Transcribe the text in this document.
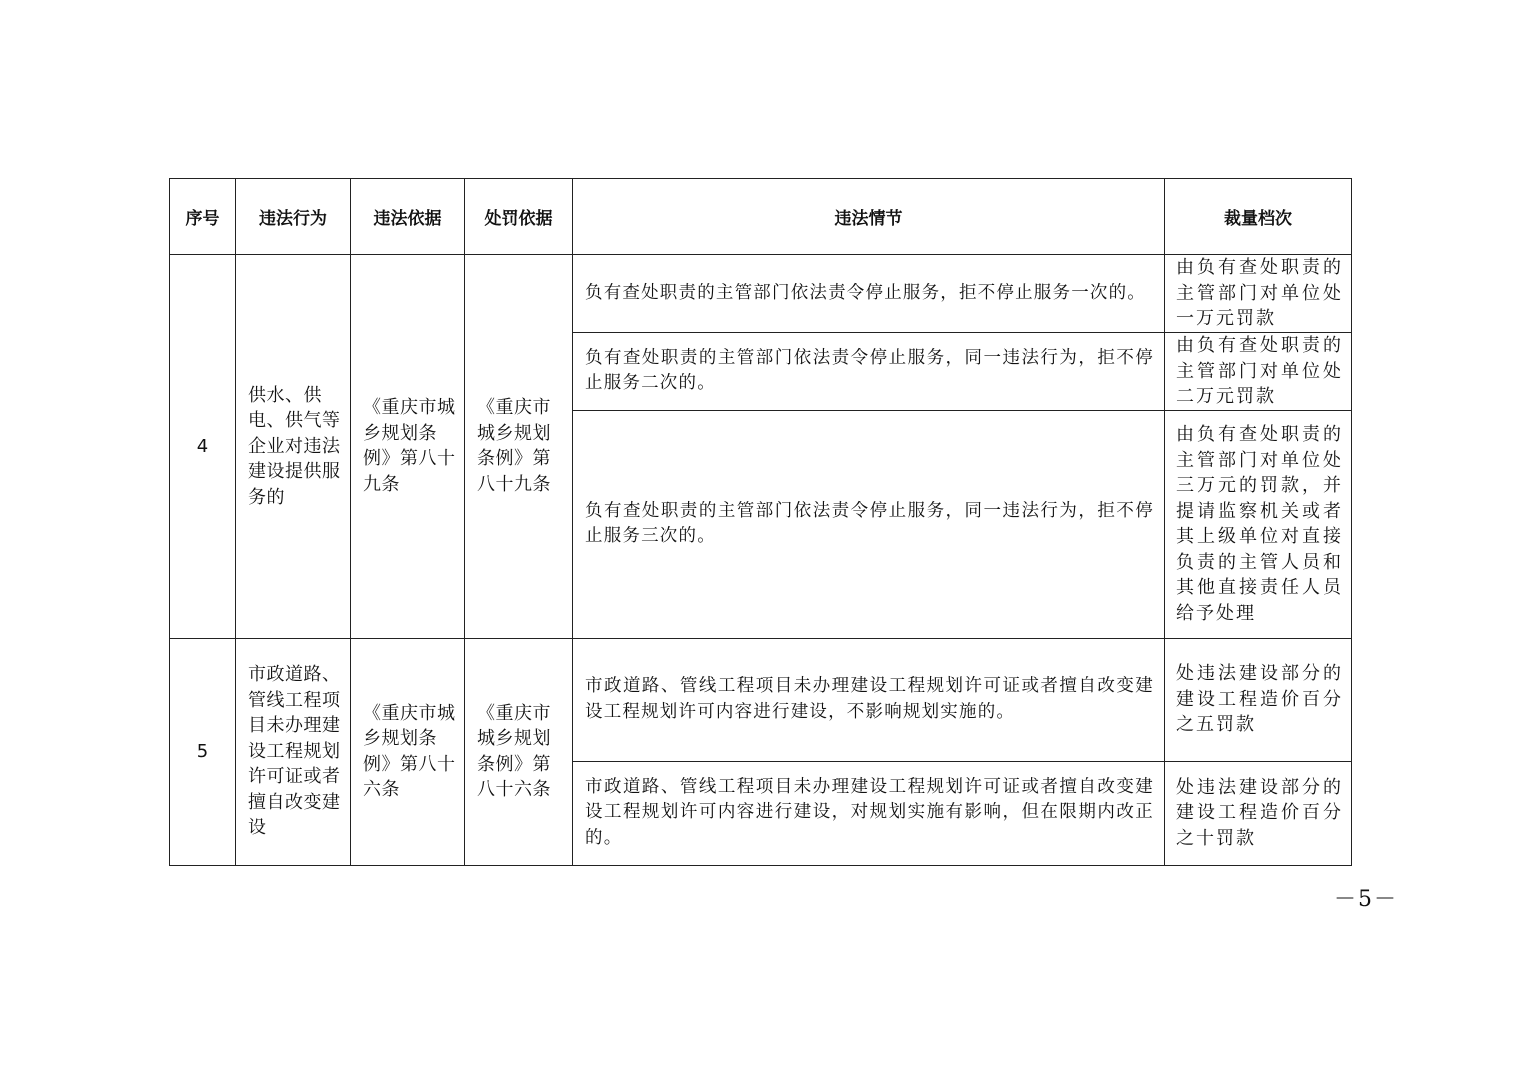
序号	违法行为	违法依据	处罚依据	违法情节	裁量档次
4	供水、供电、供气等企业对违法建设提供服务的	《重庆市城乡规划条例》第八十九条	《重庆市城乡规划条例》第八十九条	负有查处职责的主管部门依法责令停止服务，拒不停止服务一次的。	由负有查处职责的主管部门对单位处一万元罚款
				负有查处职责的主管部门依法责令停止服务，同一违法行为，拒不停止服务二次的。	由负有查处职责的主管部门对单位处二万元罚款
				负有查处职责的主管部门依法责令停止服务，同一违法行为，拒不停止服务三次的。	由负有查处职责的主管部门对单位处三万元的罚款，并提请监察机关或者其上级单位对直接负责的主管人员和其他直接责任人员给予处理
5	市政道路、管线工程项目未办理建设工程规划许可证或者擅自改变建设	《重庆市城乡规划条例》第八十六条	《重庆市城乡规划条例》第八十六条	市政道路、管线工程项目未办理建设工程规划许可证或者擅自改变建设工程规划许可内容进行建设，不影响规划实施的。	处违法建设部分的建设工程造价百分之五罚款
				市政道路、管线工程项目未办理建设工程规划许可证或者擅自改变建设工程规划许可内容进行建设，对规划实施有影响，但在限期内改正的。	处违法建设部分的建设工程造价百分之十罚款
－5－
